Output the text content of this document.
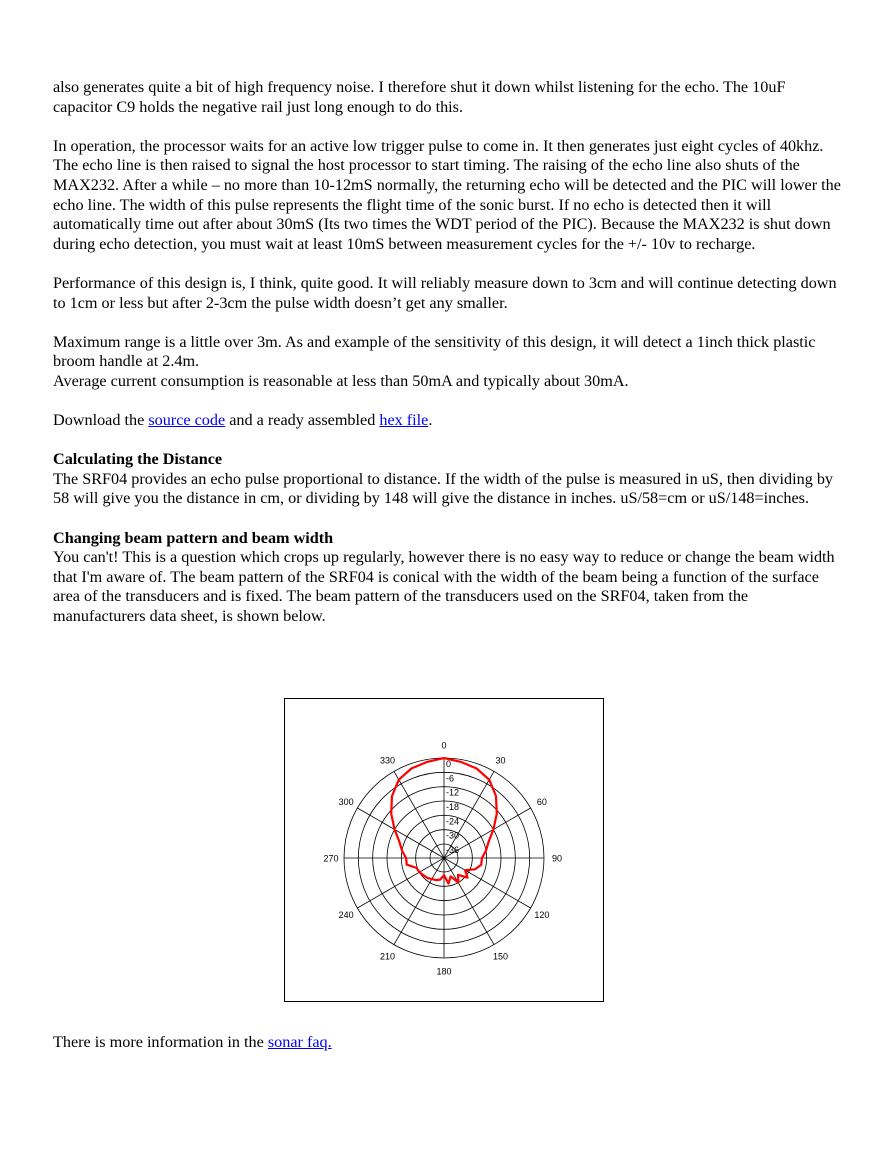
also generates quite a bit of high frequency noise. I therefore shut it down whilst listening for the echo. The 10uF capacitor C9 holds the negative rail just long enough to do this.

In operation, the processor waits for an active low trigger pulse to come in. It then generates just eight cycles of 40khz. The echo line is then raised to signal the host processor to start timing. The raising of the echo line also shuts of the MAX232. After a while – no more than 10-12mS normally, the returning echo will be detected and the PIC will lower the echo line. The width of this pulse represents the flight time of the sonic burst. If no echo is detected then it will automatically time out after about 30mS (Its two times the WDT period of the PIC). Because the MAX232 is shut down during echo detection, you must wait at least 10mS between measurement cycles for the +/- 10v to recharge.

Performance of this design is, I think, quite good. It will reliably measure down to 3cm and will continue detecting down to 1cm or less but after 2-3cm the pulse width doesn’t get any smaller.

Maximum range is a little over 3m. As and example of the sensitivity of this design, it will detect a 1inch thick plastic broom handle at 2.4m.

Average current consumption is reasonable at less than 50mA and typically about 30mA.

Download the source code and a ready assembled hex file.

Calculating the Distance

The SRF04 provides an echo pulse proportional to distance. If the width of the pulse is measured in uS, then dividing by 58 will give you the distance in cm, or dividing by 148 will give the distance in inches. uS/58=cm or uS/148=inches.

Changing beam pattern and beam width

You can't! This is a question which crops up regularly, however there is no easy way to reduce or change the beam width that I'm aware of. The beam pattern of the SRF04 is conical with the width of the beam being a function of the surface area of the transducers and is fixed. The beam pattern of the transducers used on the SRF04, taken from the manufacturers data sheet, is shown below.

0
-6
-12
-18
-24
-30
-36
0
30
60
90
120
150
180
210
240
270
300
330
There is more information in the sonar faq.
